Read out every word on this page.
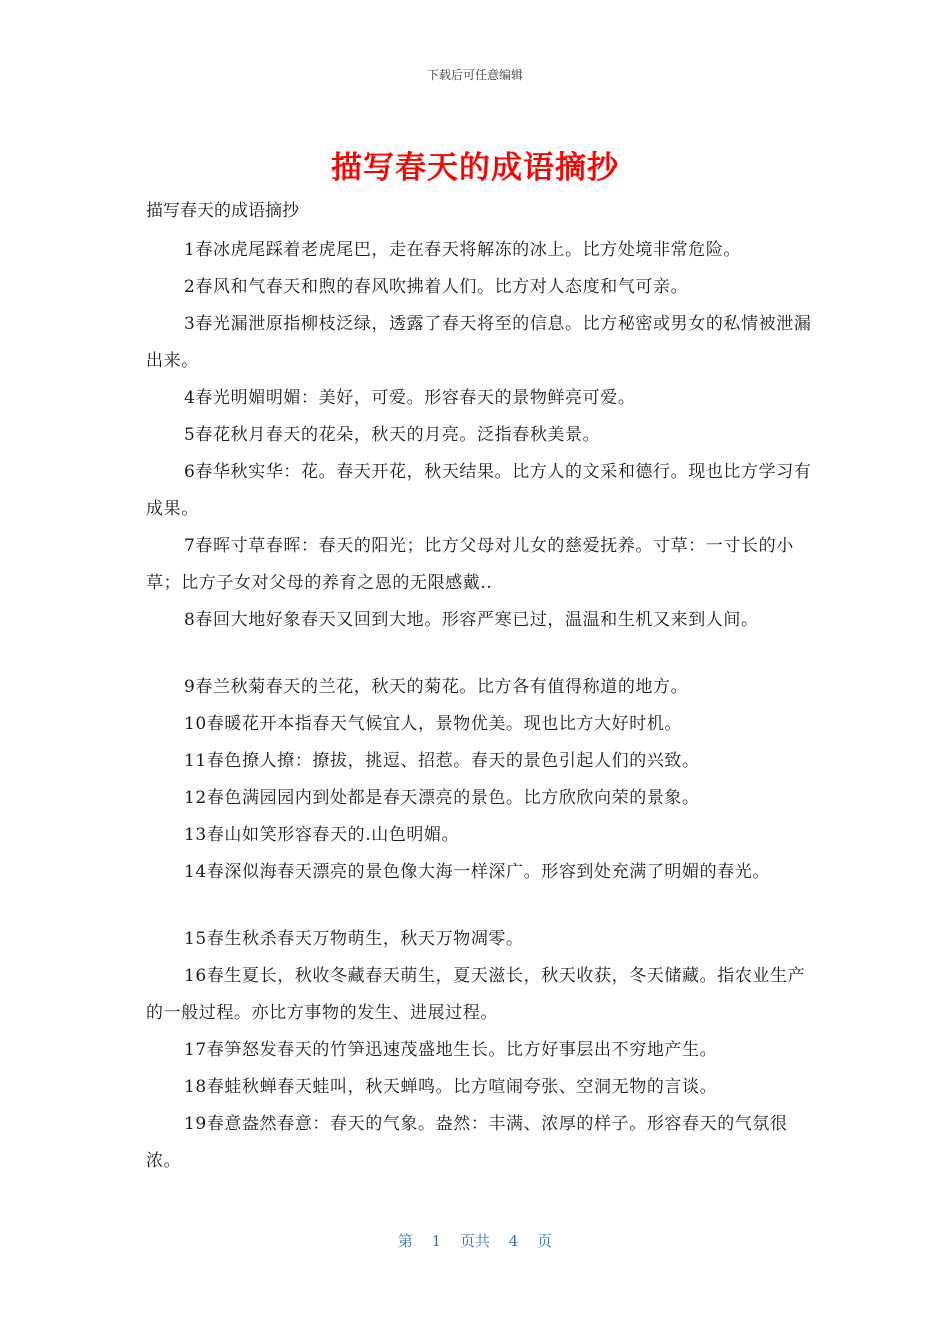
下载后可任意编辑
描写春天的成语摘抄
描写春天的成语摘抄

1春冰虎尾踩着老虎尾巴，走在春天将解冻的冰上。比方处境非常危险。

2春风和气春天和煦的春风吹拂着人们。比方对人态度和气可亲。

3春光漏泄原指柳枝泛绿，透露了春天将至的信息。比方秘密或男女的私情被泄漏出来。

4春光明媚明媚：美好，可爱。形容春天的景物鲜亮可爱。

5春花秋月春天的花朵，秋天的月亮。泛指春秋美景。

6春华秋实华：花。春天开花，秋天结果。比方人的文采和德行。现也比方学习有成果。

7春晖寸草春晖：春天的阳光；比方父母对儿女的慈爱抚养。寸草：一寸长的小草；比方子女对父母的养育之恩的无限感戴..

8春回大地好象春天又回到大地。形容严寒已过，温温和生机又来到人间。

9春兰秋菊春天的兰花，秋天的菊花。比方各有值得称道的地方。

10春暖花开本指春天气候宜人，景物优美。现也比方大好时机。

11春色撩人撩：撩拔，挑逗、招惹。春天的景色引起人们的兴致。

12春色满园园内到处都是春天漂亮的景色。比方欣欣向荣的景象。

13春山如笑形容春天的.山色明媚。

14春深似海春天漂亮的景色像大海一样深广。形容到处充满了明媚的春光。

15春生秋杀春天万物萌生，秋天万物凋零。

16春生夏长，秋收冬藏春天萌生，夏天滋长，秋天收获，冬天储藏。指农业生产的一般过程。亦比方事物的发生、进展过程。

17春笋怒发春天的竹笋迅速茂盛地生长。比方好事层出不穷地产生。

18春蛙秋蝉春天蛙叫，秋天蝉鸣。比方喧闹夸张、空洞无物的言谈。

19春意盎然春意：春天的气象。盎然：丰满、浓厚的样子。形容春天的气氛很浓。

第 1 页共 4 页
